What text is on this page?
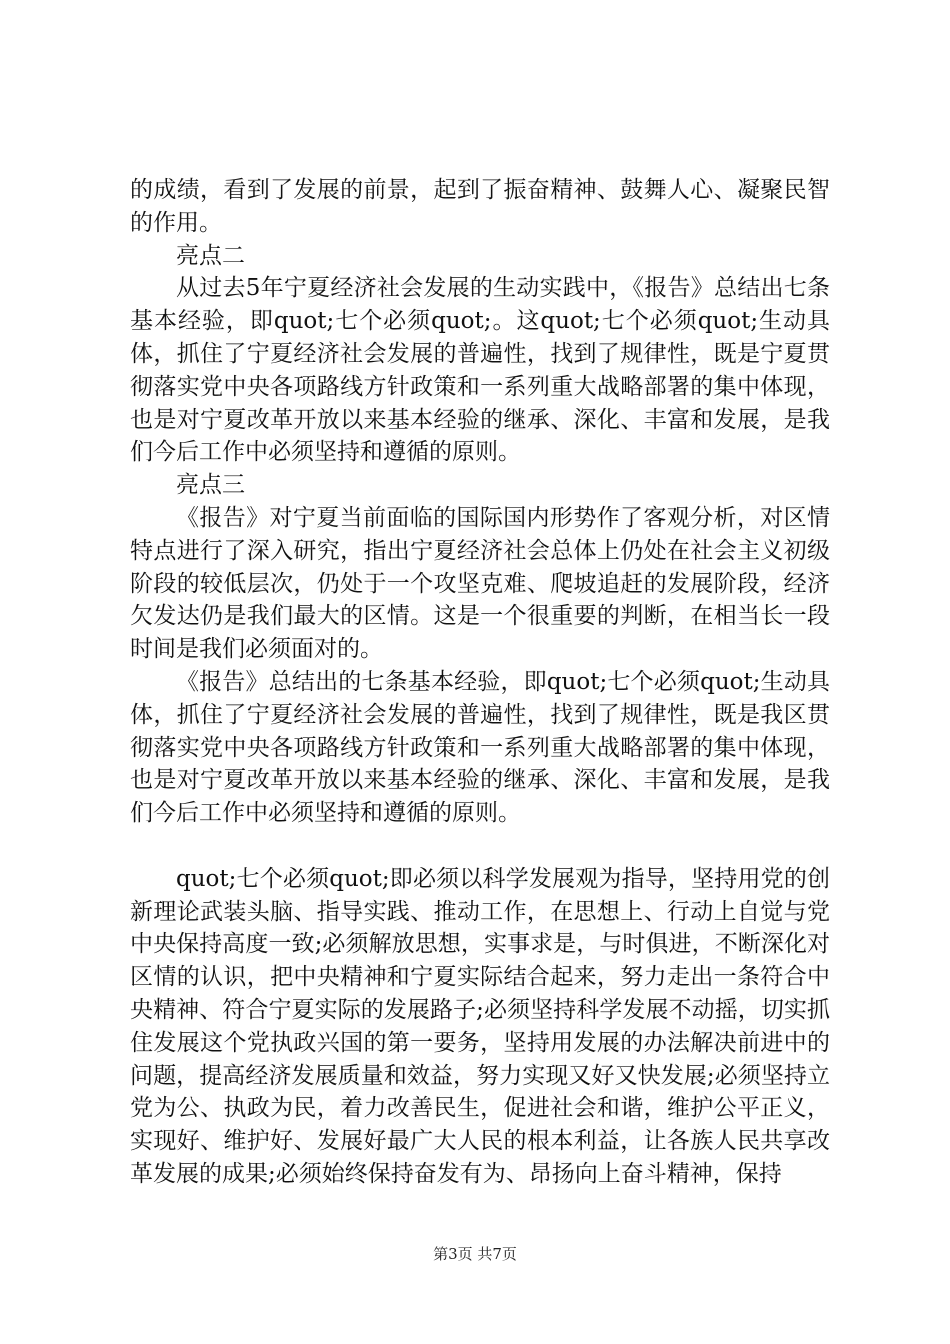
的成绩，看到了发展的前景，起到了振奋精神、鼓舞人心、凝聚民智的作用。

亮点二

从过去5年宁夏经济社会发展的生动实践中，《报告》总结出七条基本经验，即quot;七个必须quot;。这quot;七个必须quot;生动具体，抓住了宁夏经济社会发展的普遍性，找到了规律性，既是宁夏贯彻落实党中央各项路线方针政策和一系列重大战略部署的集中体现，也是对宁夏改革开放以来基本经验的继承、深化、丰富和发展，是我们今后工作中必须坚持和遵循的原则。

亮点三

《报告》对宁夏当前面临的国际国内形势作了客观分析，对区情特点进行了深入研究，指出宁夏经济社会总体上仍处在社会主义初级阶段的较低层次，仍处于一个攻坚克难、爬坡追赶的发展阶段，经济欠发达仍是我们最大的区情。这是一个很重要的判断，在相当长一段时间是我们必须面对的。

《报告》总结出的七条基本经验，即quot;七个必须quot;生动具体，抓住了宁夏经济社会发展的普遍性，找到了规律性，既是我区贯彻落实党中央各项路线方针政策和一系列重大战略部署的集中体现，也是对宁夏改革开放以来基本经验的继承、深化、丰富和发展，是我们今后工作中必须坚持和遵循的原则。

quot;七个必须quot;即必须以科学发展观为指导，坚持用党的创新理论武装头脑、指导实践、推动工作，在思想上、行动上自觉与党中央保持高度一致;必须解放思想，实事求是，与时俱进，不断深化对区情的认识，把中央精神和宁夏实际结合起来，努力走出一条符合中央精神、符合宁夏实际的发展路子;必须坚持科学发展不动摇，切实抓住发展这个党执政兴国的第一要务，坚持用发展的办法解决前进中的问题，提高经济发展质量和效益，努力实现又好又快发展;必须坚持立党为公、执政为民，着力改善民生，促进社会和谐，维护公平正义，实现好、维护好、发展好最广大人民的根本利益，让各族人民共享改革发展的成果;必须始终保持奋发有为、昂扬向上奋斗精神，保持

第3页 共7页
